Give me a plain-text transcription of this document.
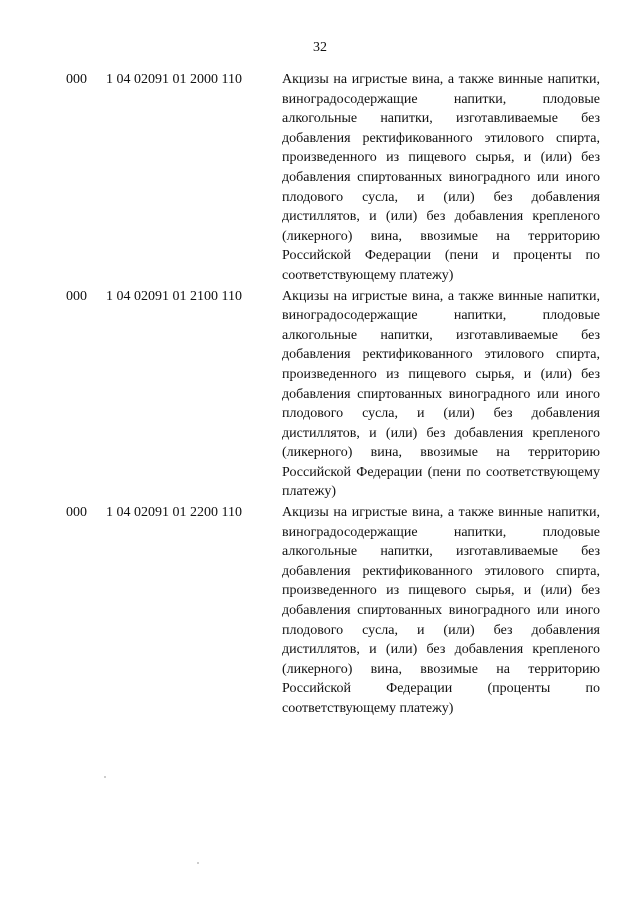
32
000 1 04 02091 01 2000 110	Акцизы на игристые вина, а также винные напитки, виноградосодержащие напитки, плодовые алкогольные напитки, изготавливаемые без добавления ректификованного этилового спирта, произведенного из пищевого сырья, и (или) без добавления спиртованных виноградного или иного плодового сусла, и (или) без добавления дистиллятов, и (или) без добавления крепленого (ликерного) вина, ввозимые на территорию Российской Федерации (пени и проценты по соответствующему платежу)
000 1 04 02091 01 2100 110	Акцизы на игристые вина, а также винные напитки, виноградосодержащие напитки, плодовые алкогольные напитки, изготавливаемые без добавления ректификованного этилового спирта, произведенного из пищевого сырья, и (или) без добавления спиртованных виноградного или иного плодового сусла, и (или) без добавления дистиллятов, и (или) без добавления крепленого (ликерного) вина, ввозимые на территорию Российской Федерации (пени по соответствующему платежу)
000 1 04 02091 01 2200 110	Акцизы на игристые вина, а также винные напитки, виноградосодержащие напитки, плодовые алкогольные напитки, изготавливаемые без добавления ректификованного этилового спирта, произведенного из пищевого сырья, и (или) без добавления спиртованных виноградного или иного плодового сусла, и (или) без добавления дистиллятов, и (или) без добавления крепленого (ликерного) вина, ввозимые на территорию Российской Федерации (проценты по соответствующему платежу)
